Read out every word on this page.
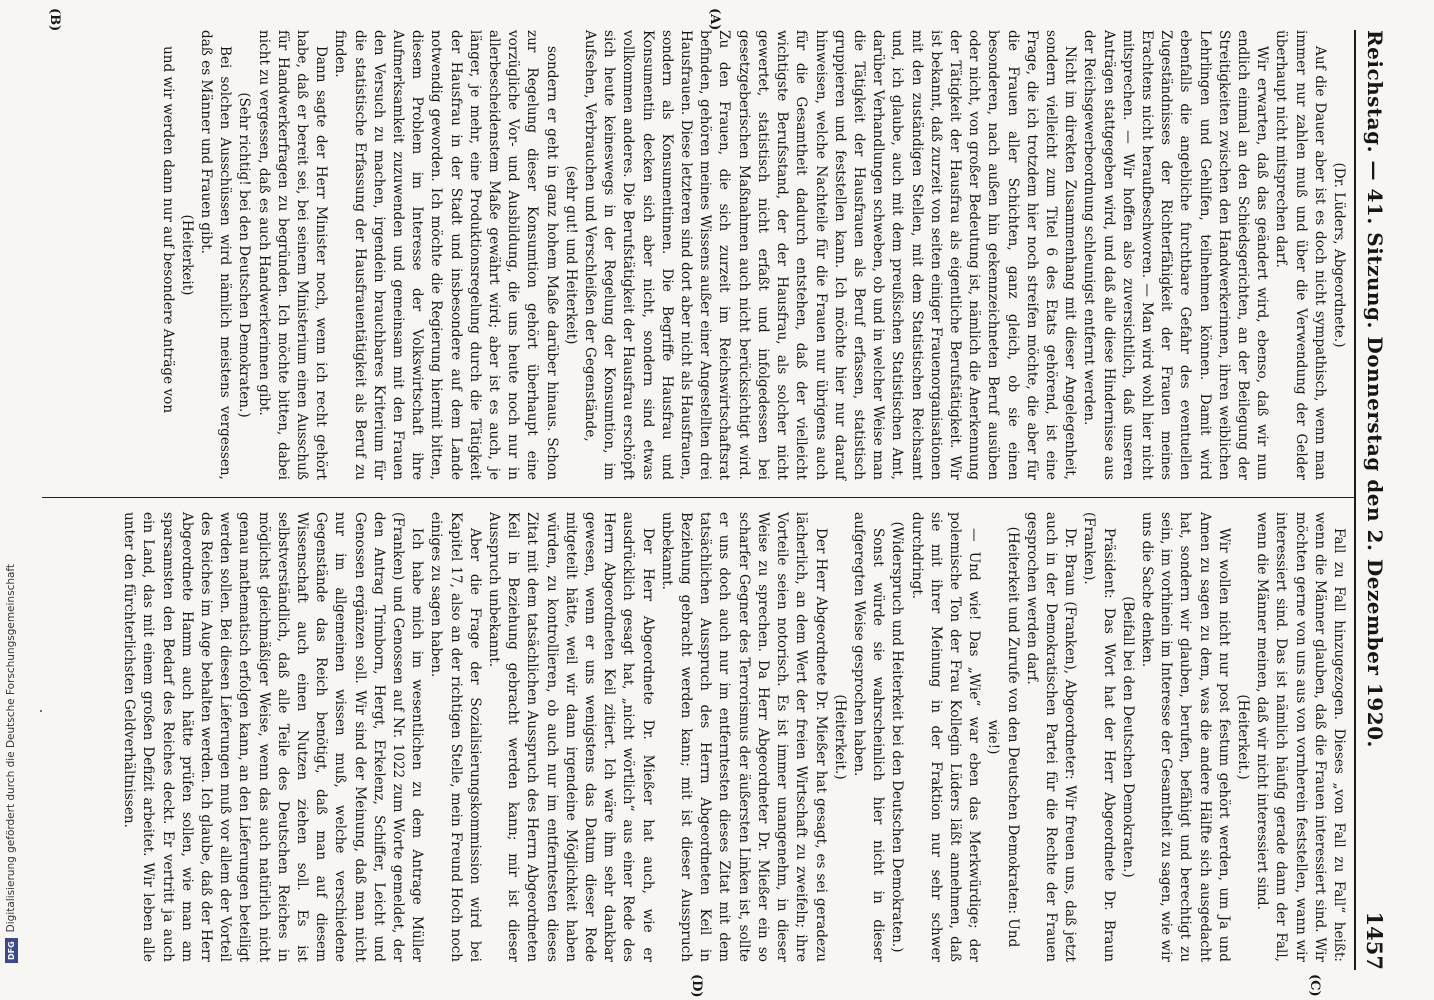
Reichstag. — 41. Sitzung. Donnerstag den 2. Dezember 1920.
1457

(Dr. Lüders, Abgeordnete.)

Auf die Dauer aber ist es doch nicht sympathisch, wenn man immer nur zahlen muß und über die Verwendung der Gelder überhaupt nicht mitsprechen darf.

Wir erwarten, daß das geändert wird, ebenso, daß wir nun endlich einmal an den Schiedsgerichten, an der Beilegung der Streitigkeiten zwischen den Handwerkerinnen, ihren weiblichen Lehrlingen und Gehilfen, teilnehmen können. Damit wird ebenfalls die angebliche furchtbare Gefahr des eventuellen Zugeständnisses der Richterfähigkeit der Frauen meines Erachtens nicht heraufbeschworen. — Man wird wohl hier nicht mitsprechen. — Wir hoffen also zuversichtlich, daß unseren Anträgen stattgegeben wird, und daß alle diese Hindernisse aus der Reichsgewerbeordnung schleunigst entfernt werden.

Nicht im direkten Zusammenhang mit dieser Angelegenheit, sondern vielleicht zum Titel 6 des Etats gehörend, ist eine Frage, die ich trotzdem hier noch streifen möchte, die aber für die Frauen aller Schichten, ganz gleich, ob sie einen besonderen, nach außen hin gekennzeichneten Beruf ausüben oder nicht, von großer Bedeutung ist, nämlich die Anerkennung der Tätigkeit der Hausfrau als eigentliche Berufstätigkeit. Wir ist bekannt, daß zurzeit von seiten einiger Frauenorganisationen mit den zuständigen Stellen, mit dem Statistischen Reichsamt und, ich glaube, auch mit dem preußischen Statistischen Amt, darüber Verhandlungen schweben, ob und in welcher Weise man die Tätigkeit der Hausfrauen als Beruf erfassen, statistisch gruppieren und feststellen kann. Ich möchte hier nur darauf hinweisen, welche Nachteile für die Frauen nur übrigens auch für die Gesamtheit dadurch entstehen, daß der vielleicht wichtigste Berufsstand, der der Hausfrau, als solcher nicht gewertet, statistisch nicht erfaßt und infolgedessen bei gesetzgeberischen Maßnahmen auch nicht berücksichtigt wird. Zu den Frauen, die sich zurzeit im Reichswirtschaftsrat befinden, gehören meines Wissens außer einer Angestellten drei Hausfrauen. Diese letzteren sind dort aber nicht als Hausfrauen, sondern als Konsumentinnen. Die Begriffe Hausfrau und Konsumentin decken sich aber nicht, sondern sind etwas vollkommen anderes. Die Berufstätigkeit der Hausfrau erschöpft sich heute keineswegs in der Regelung der Konsumtion, im Aufsehen, Verbrauchen und Verschleißen der Gegenstände,

(sehr gut! und Heiterkeit)

sondern er geht in ganz hohem Maße darüber hinaus. Schon zur Regelung dieser Konsumtion gehört überhaupt eine vorzügliche Vor- und Ausbildung, die uns heute noch nur in allerbescheidenstem Maße gewährt wird; aber ist es auch, je länger, je mehr, eine Produktionsregelung durch die Tätigkeit der Hausfrau in der Stadt und insbesondere auf dem Lande notwendig geworden. Ich möchte die Regierung hiermit bitten, diesem Problem im Interesse der Volkswirtschaft ihre Aufmerksamkeit zuzuwenden und gemeinsam mit den Frauen den Versuch zu machen, irgendein brauchbares Kriterium für die statistische Erfassung der Hausfrauentätigkeit als Beruf zu finden.

Dann sagte der Herr Minister noch, wenn ich recht gehört habe, daß er bereit sei, bei seinem Ministerium einen Ausschuß für Handwerkerfragen zu begründen. Ich möchte bitten, dabei nicht zu vergessen, daß es auch Handwerkerinnen gibt.

(Sehr richtig! bei den Deutschen Demokraten.)

Bei solchen Ausschüssen wird nämlich meistens vergessen, daß es Männer und Frauen gibt.

(Heiterkeit)

und wir werden dann nur auf besondere Anträge von

Fall zu Fall hinzugezogen. Dieses „von Fall zu Fall“ heißt: wenn die Männer glauben, daß die Frauen interessiert sind. Wir möchten gerne von uns aus von vornherein feststellen, wann wir interessiert sind. Das ist nämlich häufig gerade dann der Fall, wenn die Männer meinen, daß wir nicht interessiert sind.

(Heiterkeit.)

Wir wollen nicht nur post festum gehört werden, um Ja und Amen zu sagen zu dem, was die andere Hälfte sich ausgedacht hat, sondern wir glauben, berufen, befähigt und berechtigt zu sein, im vorhinein im Interesse der Gesamtheit zu sagen, wie wir uns die Sache denken.

(Beifall bei den Deutschen Demokraten.)

Präsident: Das Wort hat der Herr Abgeordnete Dr. Braun (Franken).

Dr. Braun (Franken), Abgeordneter: Wir freuen uns, daß jetzt auch in der Demokratischen Partei für die Rechte der Frauen gesprochen werden darf.

(Heiterkeit und Zurufe von den Deutschen Demokraten: Und wie!)

— Und wie! Das „Wie“ war eben das Merkwürdige; der polemische Ton der Frau Kollegin Lüders läßt annehmen, daß sie mit ihrer Meinung in der Fraktion nur sehr schwer durchdringt.

(Widerspruch und Heiterkeit bei den Deutschen Demokraten.)

Sonst würde sie wahrscheinlich hier nicht in dieser aufgeregten Weise gesprochen haben.

(Heiterkeit.)

Der Herr Abgeordnete Dr. Mießer hat gesagt, es sei geradezu lächerlich, an dem Wert der freien Wirtschaft zu zweifeln; ihre Vorteile seien notorisch. Es ist immer unangenehm, in dieser Weise zu sprechen. Da Herr Abgeordneter Dr. Mießer ein so scharfer Gegner des Terrorismus der äußersten Linken ist, sollte er uns doch auch nur im entferntesten dieses Zitat mit dem tatsächlichen Ausspruch des Herrn Abgeordneten Keil in Beziehung gebracht werden kann; mit ist dieser Ausspruch unbekannt.

Der Herr Abgeordnete Dr. Mießer hat auch, wie er ausdrücklich gesagt hat, „nicht wörtlich“ aus einer Rede des Herrn Abgeordneten Keil zitiert. Ich wäre ihm sehr dankbar gewesen, wenn er uns wenigstens das Datum dieser Rede mitgeteilt hätte, weil wir dann irgendeine Möglichkeit haben würden, zu kontrollieren, ob auch nur im entferntesten dieses Zitat mit dem tatsächlichen Ausspruch des Herrn Abgeordneten Keil in Beziehung gebracht werden kann; mir ist dieser Ausspruch unbekannt.

Aber die Frage der Sozialisierungskommission wird bei Kapitel 17, also an der richtigen Stelle, mein Freund Hoch noch einiges zu sagen haben.

Ich habe mich im wesentlichen zu dem Antrage Müller (Franken) und Genossen auf Nr. 1022 zum Worte gemeldet, der den Antrag Trimborn, Hergt, Erkelenz, Schiffer, Leicht und Genossen ergänzen soll. Wir sind der Meinung, daß man nicht nur im allgemeinen wissen muß, welche verschiedene Gegenstände das Reich benötigt, daß man auf diesem Wissenschaft auch einen Nutzen ziehen soll. Es ist selbstverständlich, daß alle Teile des Deutschen Reiches in möglichst gleichmäßiger Weise, wenn das auch natürlich nicht genau mathematisch erfolgen kann, an den Lieferungen beteiligt werden sollen. Bei diesen Lieferungen muß vor allem der Vorteil des Reiches im Auge behalten werden. Ich glaube, daß der Herr Abgeordnete Hamm auch hätte prüfen sollen, wie man am sparsamsten den Bedarf des Reiches deckt. Er vertritt ja auch ein Land, das mit einem großen Defizit arbeitet. Wir leben alle unter den fürchterlichsten Geldverhältnissen.

(C)
(D)
(A)
(B)
DFG
Digitalisierung gefördert durch die Deutsche Forschungsgemeinschaft
